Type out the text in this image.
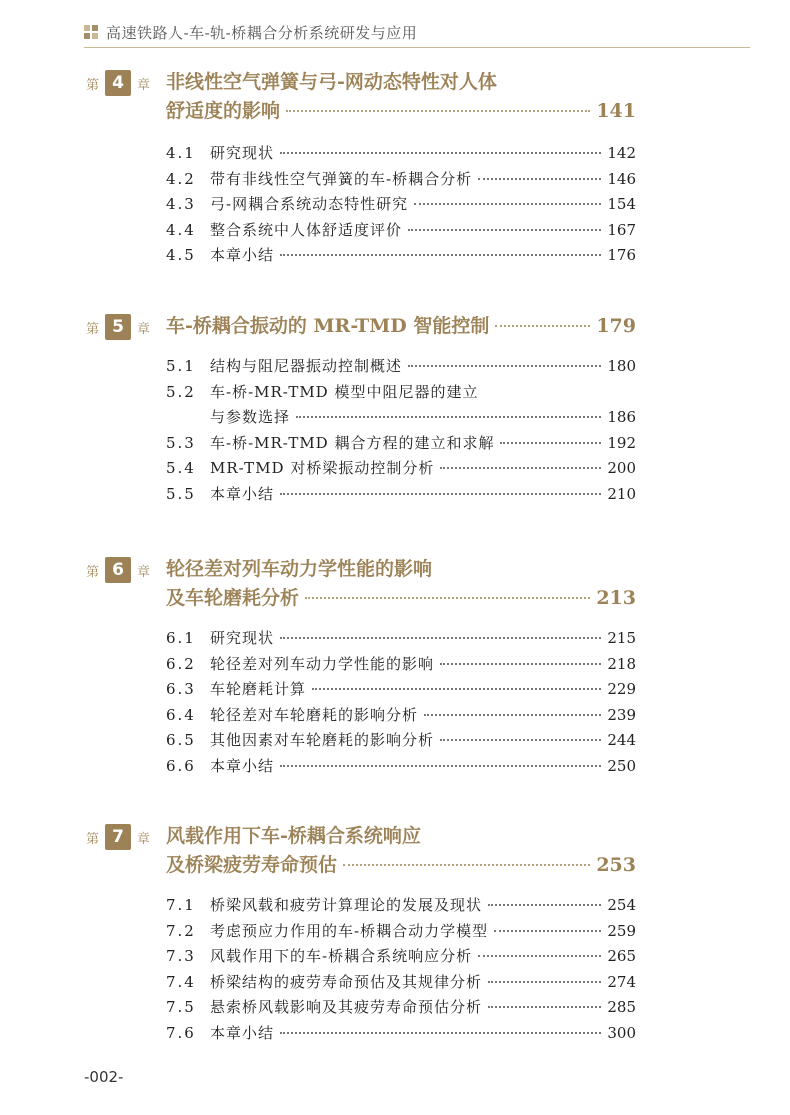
高速铁路人-车-轨-桥耦合分析系统研发与应用
第 4	章 非线性空气弹簧与弓-网动态特性对人体
舒适度的影响	141
4.1 研究现状	142
4.2 带有非线性空气弹簧的车-桥耦合分析	146
4.3 弓-网耦合系统动态特性研究	154
4.4 整合系统中人体舒适度评价	167
4.5 本章小结	176
第 5	章 车-桥耦合振动的 MR-TMD 智能控制	179
5.1 结构与阻尼器振动控制概述	180
5.2 车-桥-MR-TMD 模型中阻尼器的建立
与参数选择	186
5.3 车-桥-MR-TMD 耦合方程的建立和求解	192
5.4 MR-TMD 对桥梁振动控制分析	200
5.5 本章小结	210
第 6	章 轮径差对列车动力学性能的影响
及车轮磨耗分析	213
6.1 研究现状	215
6.2 轮径差对列车动力学性能的影响	218
6.3 车轮磨耗计算	229
6.4 轮径差对车轮磨耗的影响分析	239
6.5 其他因素对车轮磨耗的影响分析	244
6.6 本章小结	250
第 7	章 风载作用下车-桥耦合系统响应
及桥梁疲劳寿命预估	253
7.1 桥梁风载和疲劳计算理论的发展及现状	254
7.2 考虑预应力作用的车-桥耦合动力学模型	259
7.3 风载作用下的车-桥耦合系统响应分析	265
7.4 桥梁结构的疲劳寿命预估及其规律分析	274
7.5 悬索桥风载影响及其疲劳寿命预估分析	285
7.6 本章小结	300
-002-
